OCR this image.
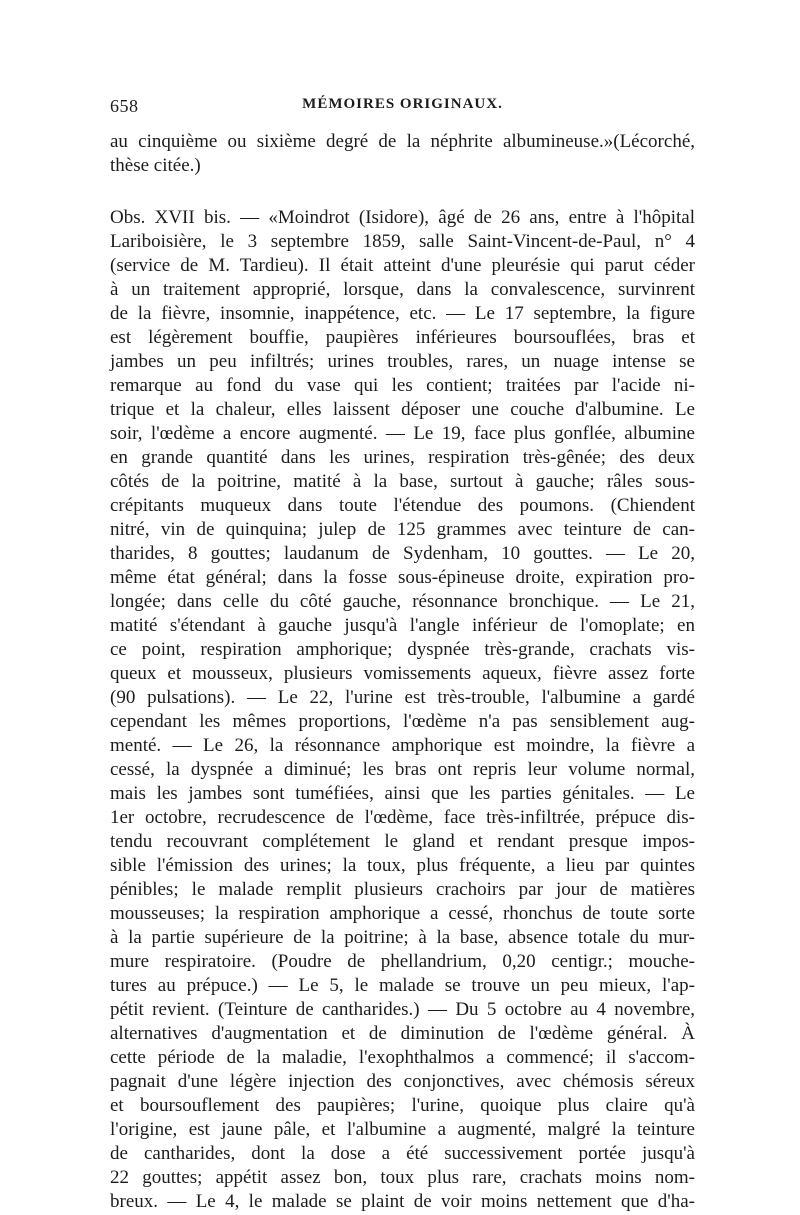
658	MÉMOIRES ORIGINAUX.
au cinquième ou sixième degré de la néphrite albumineuse.»(Lécorché,
thèse citée.)
Obs. XVII bis. — «Moindrot (Isidore), âgé de 26 ans, entre à l'hôpital
Lariboisière, le 3 septembre 1859, salle Saint-Vincent-de-Paul, n° 4
(service de M. Tardieu). Il était atteint d'une pleurésie qui parut céder
à un traitement approprié, lorsque, dans la convalescence, survinrent
de la fièvre, insomnie, inappétence, etc. — Le 17 septembre, la figure
est légèrement bouffie, paupières inférieures boursouflées, bras et
jambes un peu infiltrés; urines troubles, rares, un nuage intense se
remarque au fond du vase qui les contient; traitées par l'acide ni-
trique et la chaleur, elles laissent déposer une couche d'albumine. Le
soir, l'œdème a encore augmenté. — Le 19, face plus gonflée, albumine
en grande quantité dans les urines, respiration très-gênée; des deux
côtés de la poitrine, matité à la base, surtout à gauche; râles sous-
crépitants muqueux dans toute l'étendue des poumons. (Chiendent
nitré, vin de quinquina; julep de 125 grammes avec teinture de can-
tharides, 8 gouttes; laudanum de Sydenham, 10 gouttes. — Le 20,
même état général; dans la fosse sous-épineuse droite, expiration pro-
longée; dans celle du côté gauche, résonnance bronchique. — Le 21,
matité s'étendant à gauche jusqu'à l'angle inférieur de l'omoplate; en
ce point, respiration amphorique; dyspnée très-grande, crachats vis-
queux et mousseux, plusieurs vomissements aqueux, fièvre assez forte
(90 pulsations). — Le 22, l'urine est très-trouble, l'albumine a gardé
cependant les mêmes proportions, l'œdème n'a pas sensiblement aug-
menté. — Le 26, la résonnance amphorique est moindre, la fièvre a
cessé, la dyspnée a diminué; les bras ont repris leur volume normal,
mais les jambes sont tuméfiées, ainsi que les parties génitales. — Le
1er octobre, recrudescence de l'œdème, face très-infiltrée, prépuce dis-
tendu recouvrant complétement le gland et rendant presque impos-
sible l'émission des urines; la toux, plus fréquente, a lieu par quintes
pénibles; le malade remplit plusieurs crachoirs par jour de matières
mousseuses; la respiration amphorique a cessé, rhonchus de toute sorte
à la partie supérieure de la poitrine; à la base, absence totale du mur-
mure respiratoire. (Poudre de phellandrium, 0,20 centigr.; mouche-
tures au prépuce.) — Le 5, le malade se trouve un peu mieux, l'ap-
pétit revient. (Teinture de cantharides.) — Du 5 octobre au 4 novembre,
alternatives d'augmentation et de diminution de l'œdème général. À
cette période de la maladie, l'exophthalmos a commencé; il s'accom-
pagnait d'une légère injection des conjonctives, avec chémosis séreux
et boursouflement des paupières; l'urine, quoique plus claire qu'à
l'origine, est jaune pâle, et l'albumine a augmenté, malgré la teinture
de cantharides, dont la dose a été successivement portée jusqu'à
22 gouttes; appétit assez bon, toux plus rare, crachats moins nom-
breux. — Le 4, le malade se plaint de voir moins nettement que d'ha-
